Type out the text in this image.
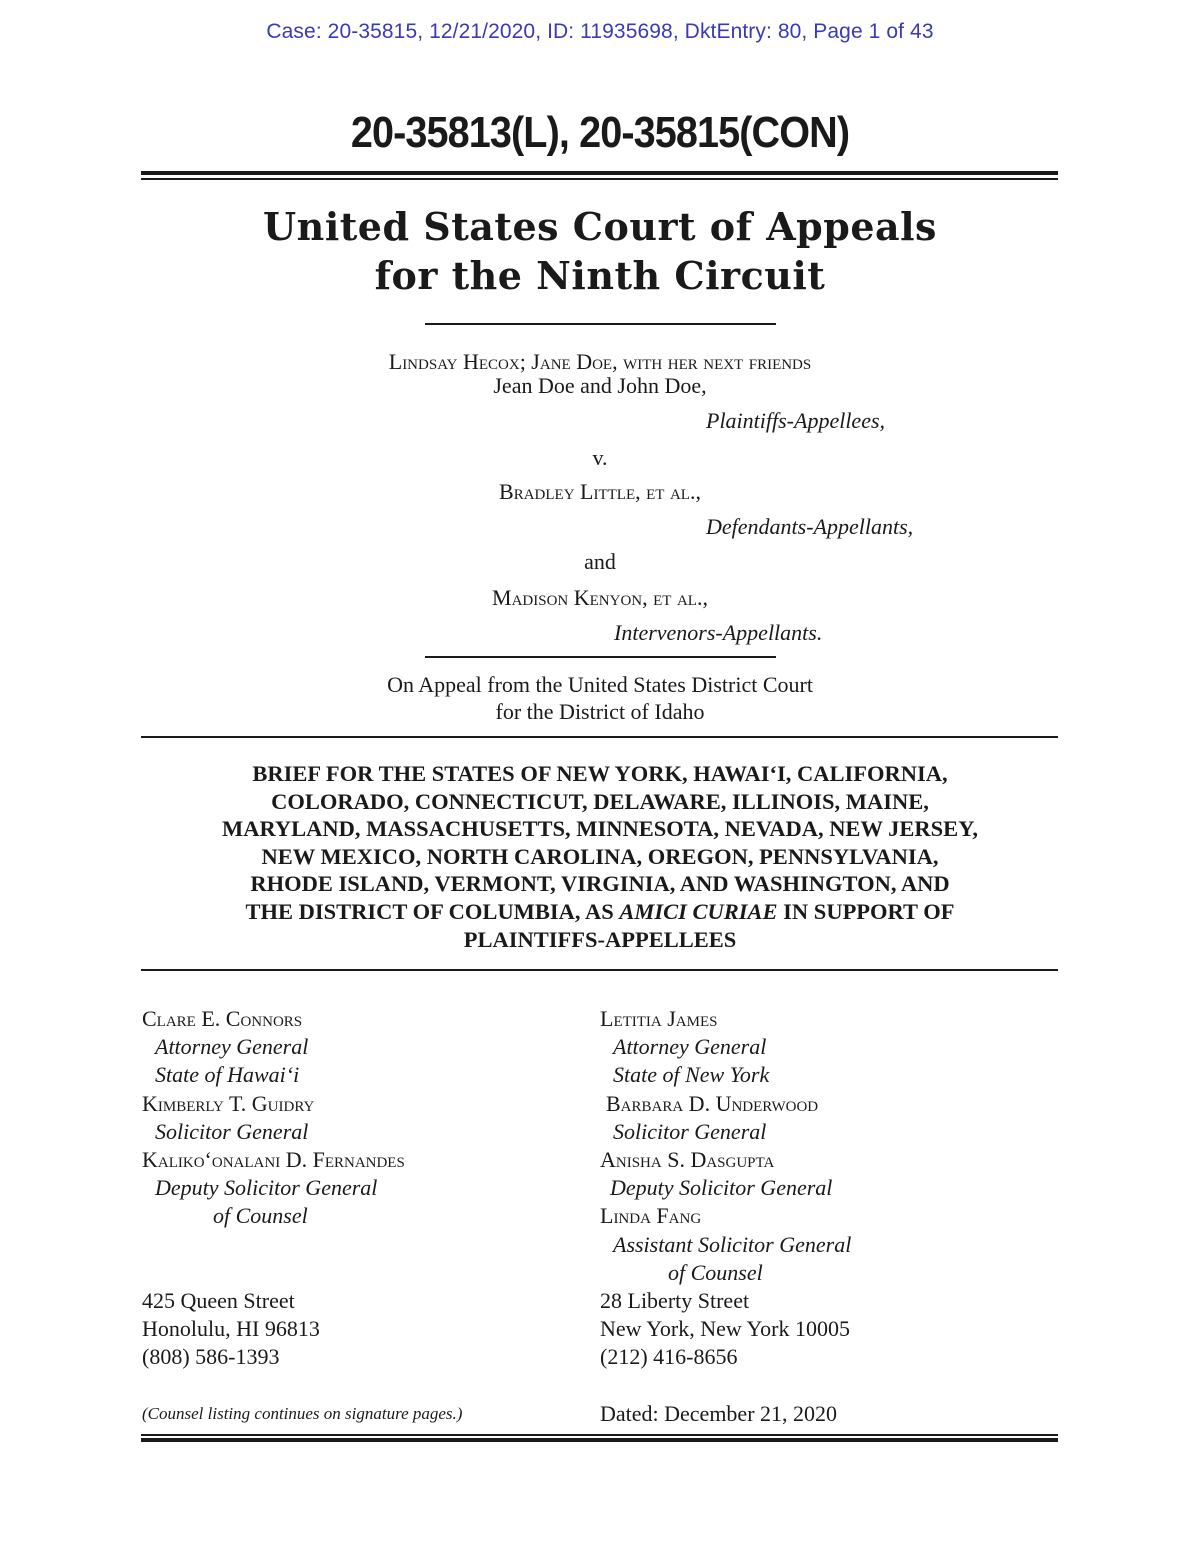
Case: 20-35815, 12/21/2020, ID: 11935698, DktEntry: 80, Page 1 of 43
20-35813(L), 20-35815(CON)
United States Court of Appeals
for the Ninth Circuit
Lindsay Hecox; Jane Doe, with her next friends
Jean Doe and John Doe,
Plaintiffs-Appellees,
v.
Bradley Little, et al.,
Defendants-Appellants,
and
Madison Kenyon, et al.,
Intervenors-Appellants.
On Appeal from the United States District Court
for the District of Idaho
BRIEF FOR THE STATES OF NEW YORK, HAWAI‘I, CALIFORNIA,
COLORADO, CONNECTICUT, DELAWARE, ILLINOIS, MAINE,
MARYLAND, MASSACHUSETTS, MINNESOTA, NEVADA, NEW JERSEY,
NEW MEXICO, NORTH CAROLINA, OREGON, PENNSYLVANIA,
RHODE ISLAND, VERMONT, VIRGINIA, AND WASHINGTON, AND
THE DISTRICT OF COLUMBIA, AS AMICI CURIAE IN SUPPORT OF
PLAINTIFFS-APPELLEES
Clare E. Connors
Attorney General
State of Hawai‘i
Kimberly T. Guidry
Solicitor General
Kaliko‘onalani D. Fernandes
Deputy Solicitor General
of Counsel
425 Queen Street
Honolulu, HI 96813
(808) 586-1393
(Counsel listing continues on signature pages.)
Letitia James
Attorney General
State of New York
Barbara D. Underwood
Solicitor General
Anisha S. Dasgupta
Deputy Solicitor General
Linda Fang
Assistant Solicitor General
of Counsel
28 Liberty Street
New York, New York 10005
(212) 416-8656
Dated: December 21, 2020
